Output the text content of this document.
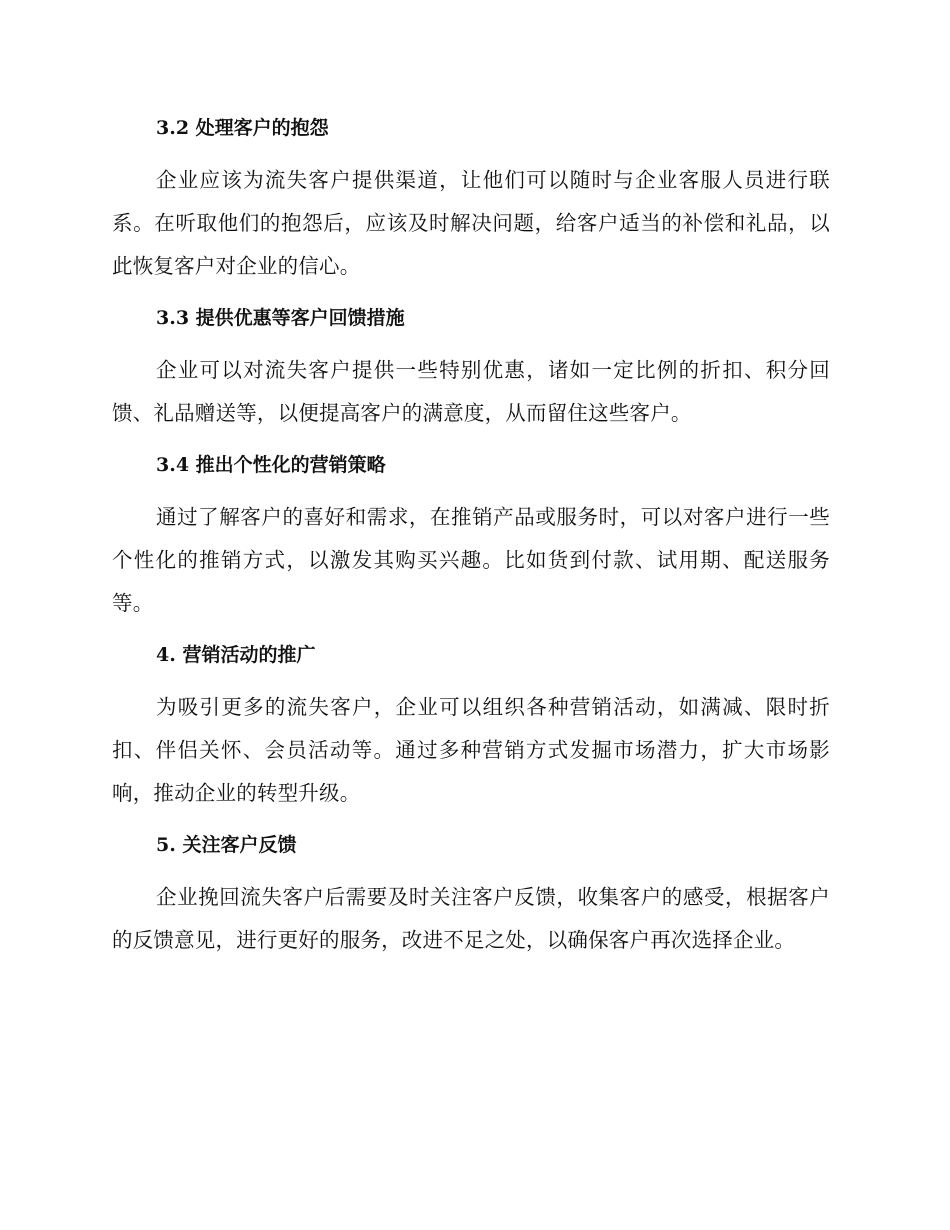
3.2 处理客户的抱怨

企业应该为流失客户提供渠道，让他们可以随时与企业客服人员进行联系。在听取他们的抱怨后，应该及时解决问题，给客户适当的补偿和礼品，以此恢复客户对企业的信心。

3.3 提供优惠等客户回馈措施

企业可以对流失客户提供一些特别优惠，诸如一定比例的折扣、积分回馈、礼品赠送等，以便提高客户的满意度，从而留住这些客户。

3.4 推出个性化的营销策略

通过了解客户的喜好和需求，在推销产品或服务时，可以对客户进行一些个性化的推销方式，以激发其购买兴趣。比如货到付款、试用期、配送服务等。

4. 营销活动的推广

为吸引更多的流失客户，企业可以组织各种营销活动，如满减、限时折扣、伴侣关怀、会员活动等。通过多种营销方式发掘市场潜力，扩大市场影响，推动企业的转型升级。

5. 关注客户反馈

企业挽回流失客户后需要及时关注客户反馈，收集客户的感受，根据客户的反馈意见，进行更好的服务，改进不足之处，以确保客户再次选择企业。
